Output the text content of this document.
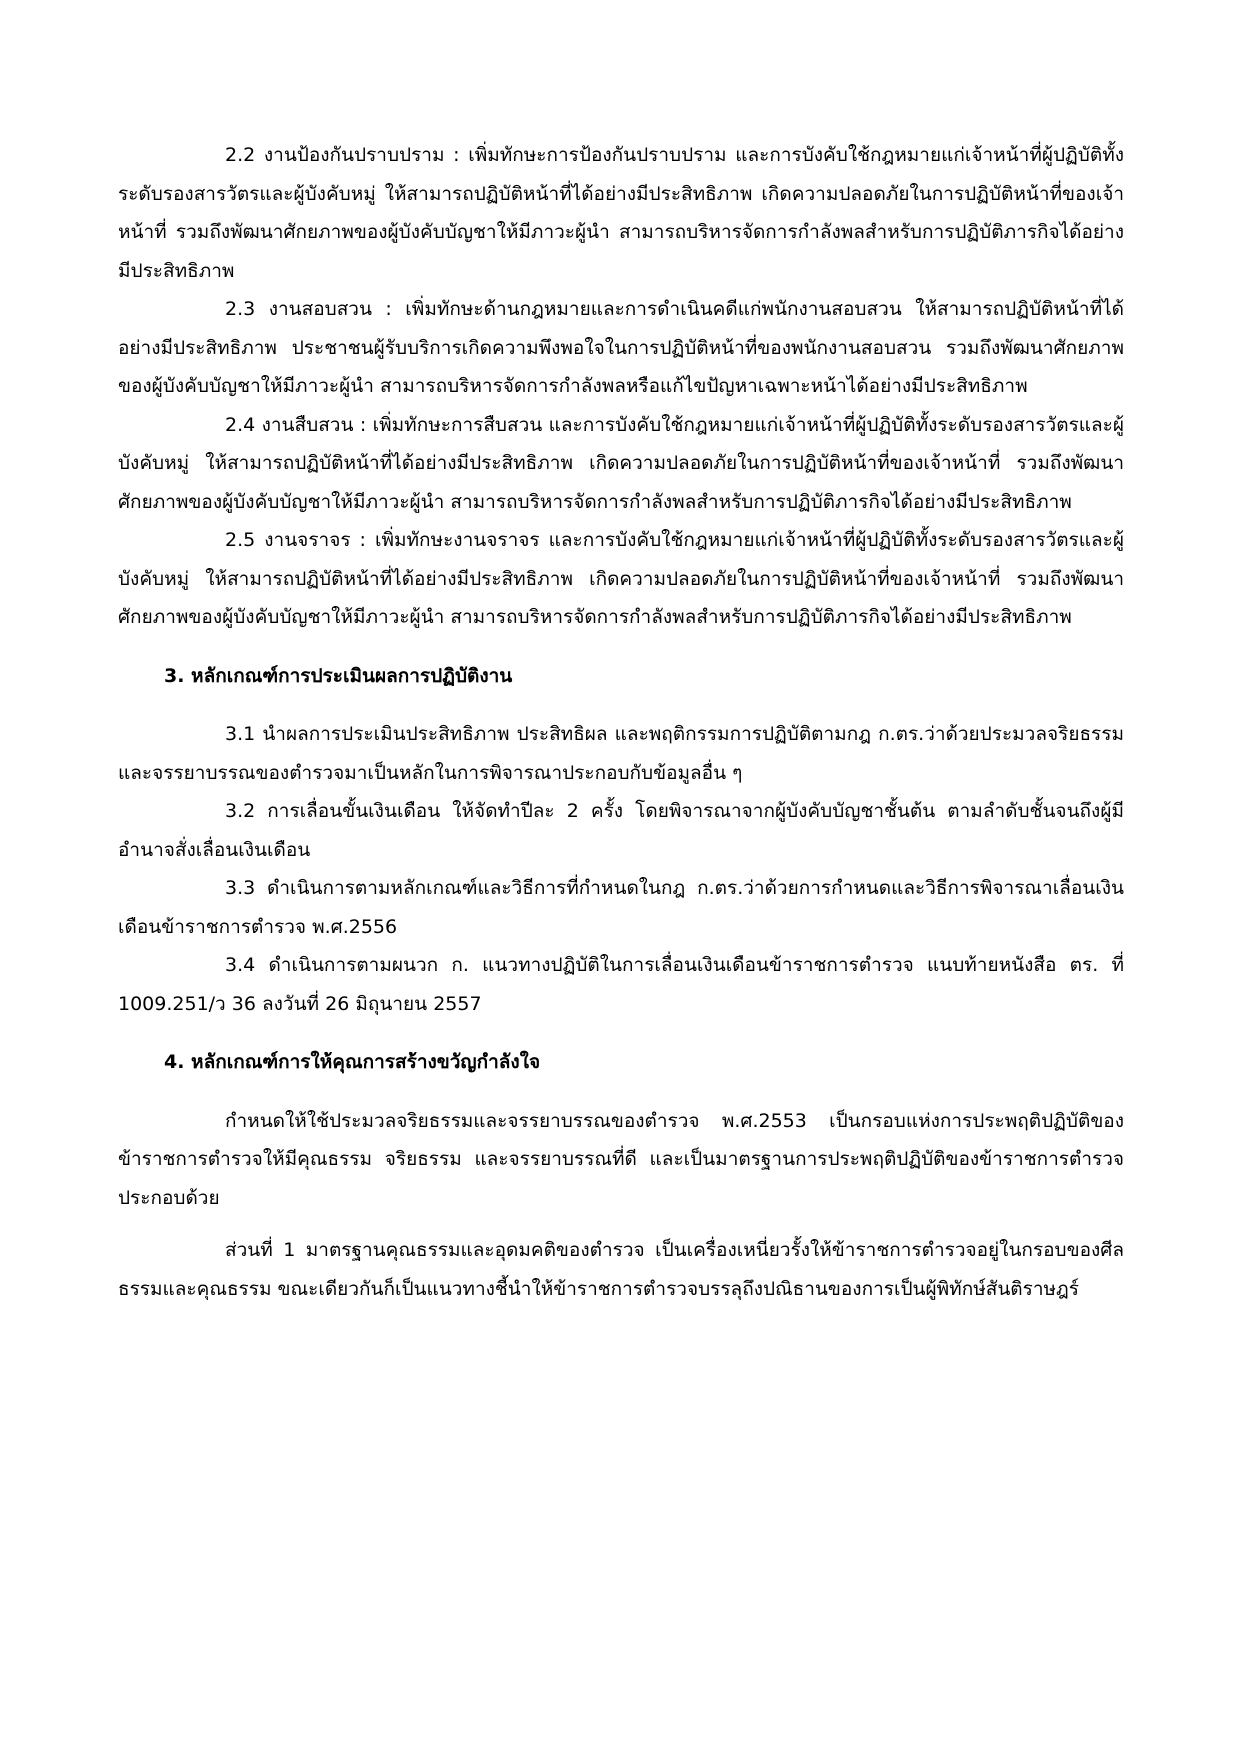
2.2 งานป้องกันปราบปราม : เพิ่มทักษะการป้องกันปราบปราม และการบังคับใช้กฎหมายแก่เจ้าหน้าที่ผู้ปฏิบัติทั้งระดับรองสารวัตรและผู้บังคับหมู่ ให้สามารถปฏิบัติหน้าที่ได้อย่างมีประสิทธิภาพ เกิดความปลอดภัยในการปฏิบัติหน้าที่ของเจ้าหน้าที่ รวมถึงพัฒนาศักยภาพของผู้บังคับบัญชาให้มีภาวะผู้นำ สามารถบริหารจัดการกำลังพลสำหรับการปฏิบัติภารกิจได้อย่างมีประสิทธิภาพ

2.3 งานสอบสวน : เพิ่มทักษะด้านกฎหมายและการดำเนินคดีแก่พนักงานสอบสวน ให้สามารถปฏิบัติหน้าที่ได้อย่างมีประสิทธิภาพ ประชาชนผู้รับบริการเกิดความพึงพอใจในการปฏิบัติหน้าที่ของพนักงานสอบสวน รวมถึงพัฒนาศักยภาพของผู้บังคับบัญชาให้มีภาวะผู้นำ สามารถบริหารจัดการกำลังพลหรือแก้ไขปัญหาเฉพาะหน้าได้อย่างมีประสิทธิภาพ

2.4 งานสืบสวน : เพิ่มทักษะการสืบสวน และการบังคับใช้กฎหมายแก่เจ้าหน้าที่ผู้ปฏิบัติทั้งระดับรองสารวัตรและผู้บังคับหมู่ ให้สามารถปฏิบัติหน้าที่ได้อย่างมีประสิทธิภาพ เกิดความปลอดภัยในการปฏิบัติหน้าที่ของเจ้าหน้าที่ รวมถึงพัฒนาศักยภาพของผู้บังคับบัญชาให้มีภาวะผู้นำ สามารถบริหารจัดการกำลังพลสำหรับการปฏิบัติภารกิจได้อย่างมีประสิทธิภาพ

2.5 งานจราจร : เพิ่มทักษะงานจราจร และการบังคับใช้กฎหมายแก่เจ้าหน้าที่ผู้ปฏิบัติทั้งระดับรองสารวัตรและผู้บังคับหมู่ ให้สามารถปฏิบัติหน้าที่ได้อย่างมีประสิทธิภาพ เกิดความปลอดภัยในการปฏิบัติหน้าที่ของเจ้าหน้าที่ รวมถึงพัฒนาศักยภาพของผู้บังคับบัญชาให้มีภาวะผู้นำ สามารถบริหารจัดการกำลังพลสำหรับการปฏิบัติภารกิจได้อย่างมีประสิทธิภาพ

3. หลักเกณฑ์การประเมินผลการปฏิบัติงาน

3.1 นำผลการประเมินประสิทธิภาพ ประสิทธิผล และพฤติกรรมการปฏิบัติตามกฎ ก.ตร.ว่าด้วยประมวลจริยธรรมและจรรยาบรรณของตำรวจมาเป็นหลักในการพิจารณาประกอบกับข้อมูลอื่น ๆ

3.2 การเลื่อนขั้นเงินเดือน ให้จัดทำปีละ 2 ครั้ง โดยพิจารณาจากผู้บังคับบัญชาชั้นต้น ตามลำดับชั้นจนถึงผู้มีอำนาจสั่งเลื่อนเงินเดือน

3.3 ดำเนินการตามหลักเกณฑ์และวิธีการที่กำหนดในกฎ ก.ตร.ว่าด้วยการกำหนดและวิธีการพิจารณาเลื่อนเงินเดือนข้าราชการตำรวจ พ.ศ.2556

3.4 ดำเนินการตามผนวก ก. แนวทางปฏิบัติในการเลื่อนเงินเดือนข้าราชการตำรวจ แนบท้ายหนังสือ ตร. ที่ 1009.251/ว 36 ลงวันที่ 26 มิถุนายน 2557

4. หลักเกณฑ์การให้คุณการสร้างขวัญกำลังใจ

กำหนดให้ใช้ประมวลจริยธรรมและจรรยาบรรณของตำรวจ พ.ศ.2553 เป็นกรอบแห่งการประพฤติปฏิบัติของข้าราชการตำรวจให้มีคุณธรรม จริยธรรม และจรรยาบรรณที่ดี และเป็นมาตรฐานการประพฤติปฏิบัติของข้าราชการตำรวจ ประกอบด้วย

ส่วนที่ 1 มาตรฐานคุณธรรมและอุดมคติของตำรวจ เป็นเครื่องเหนี่ยวรั้งให้ข้าราชการตำรวจอยู่ในกรอบของศีลธรรมและคุณธรรม ขณะเดียวกันก็เป็นแนวทางชี้นำให้ข้าราชการตำรวจบรรลุถึงปณิธานของการเป็นผู้พิทักษ์สันติราษฎร์
